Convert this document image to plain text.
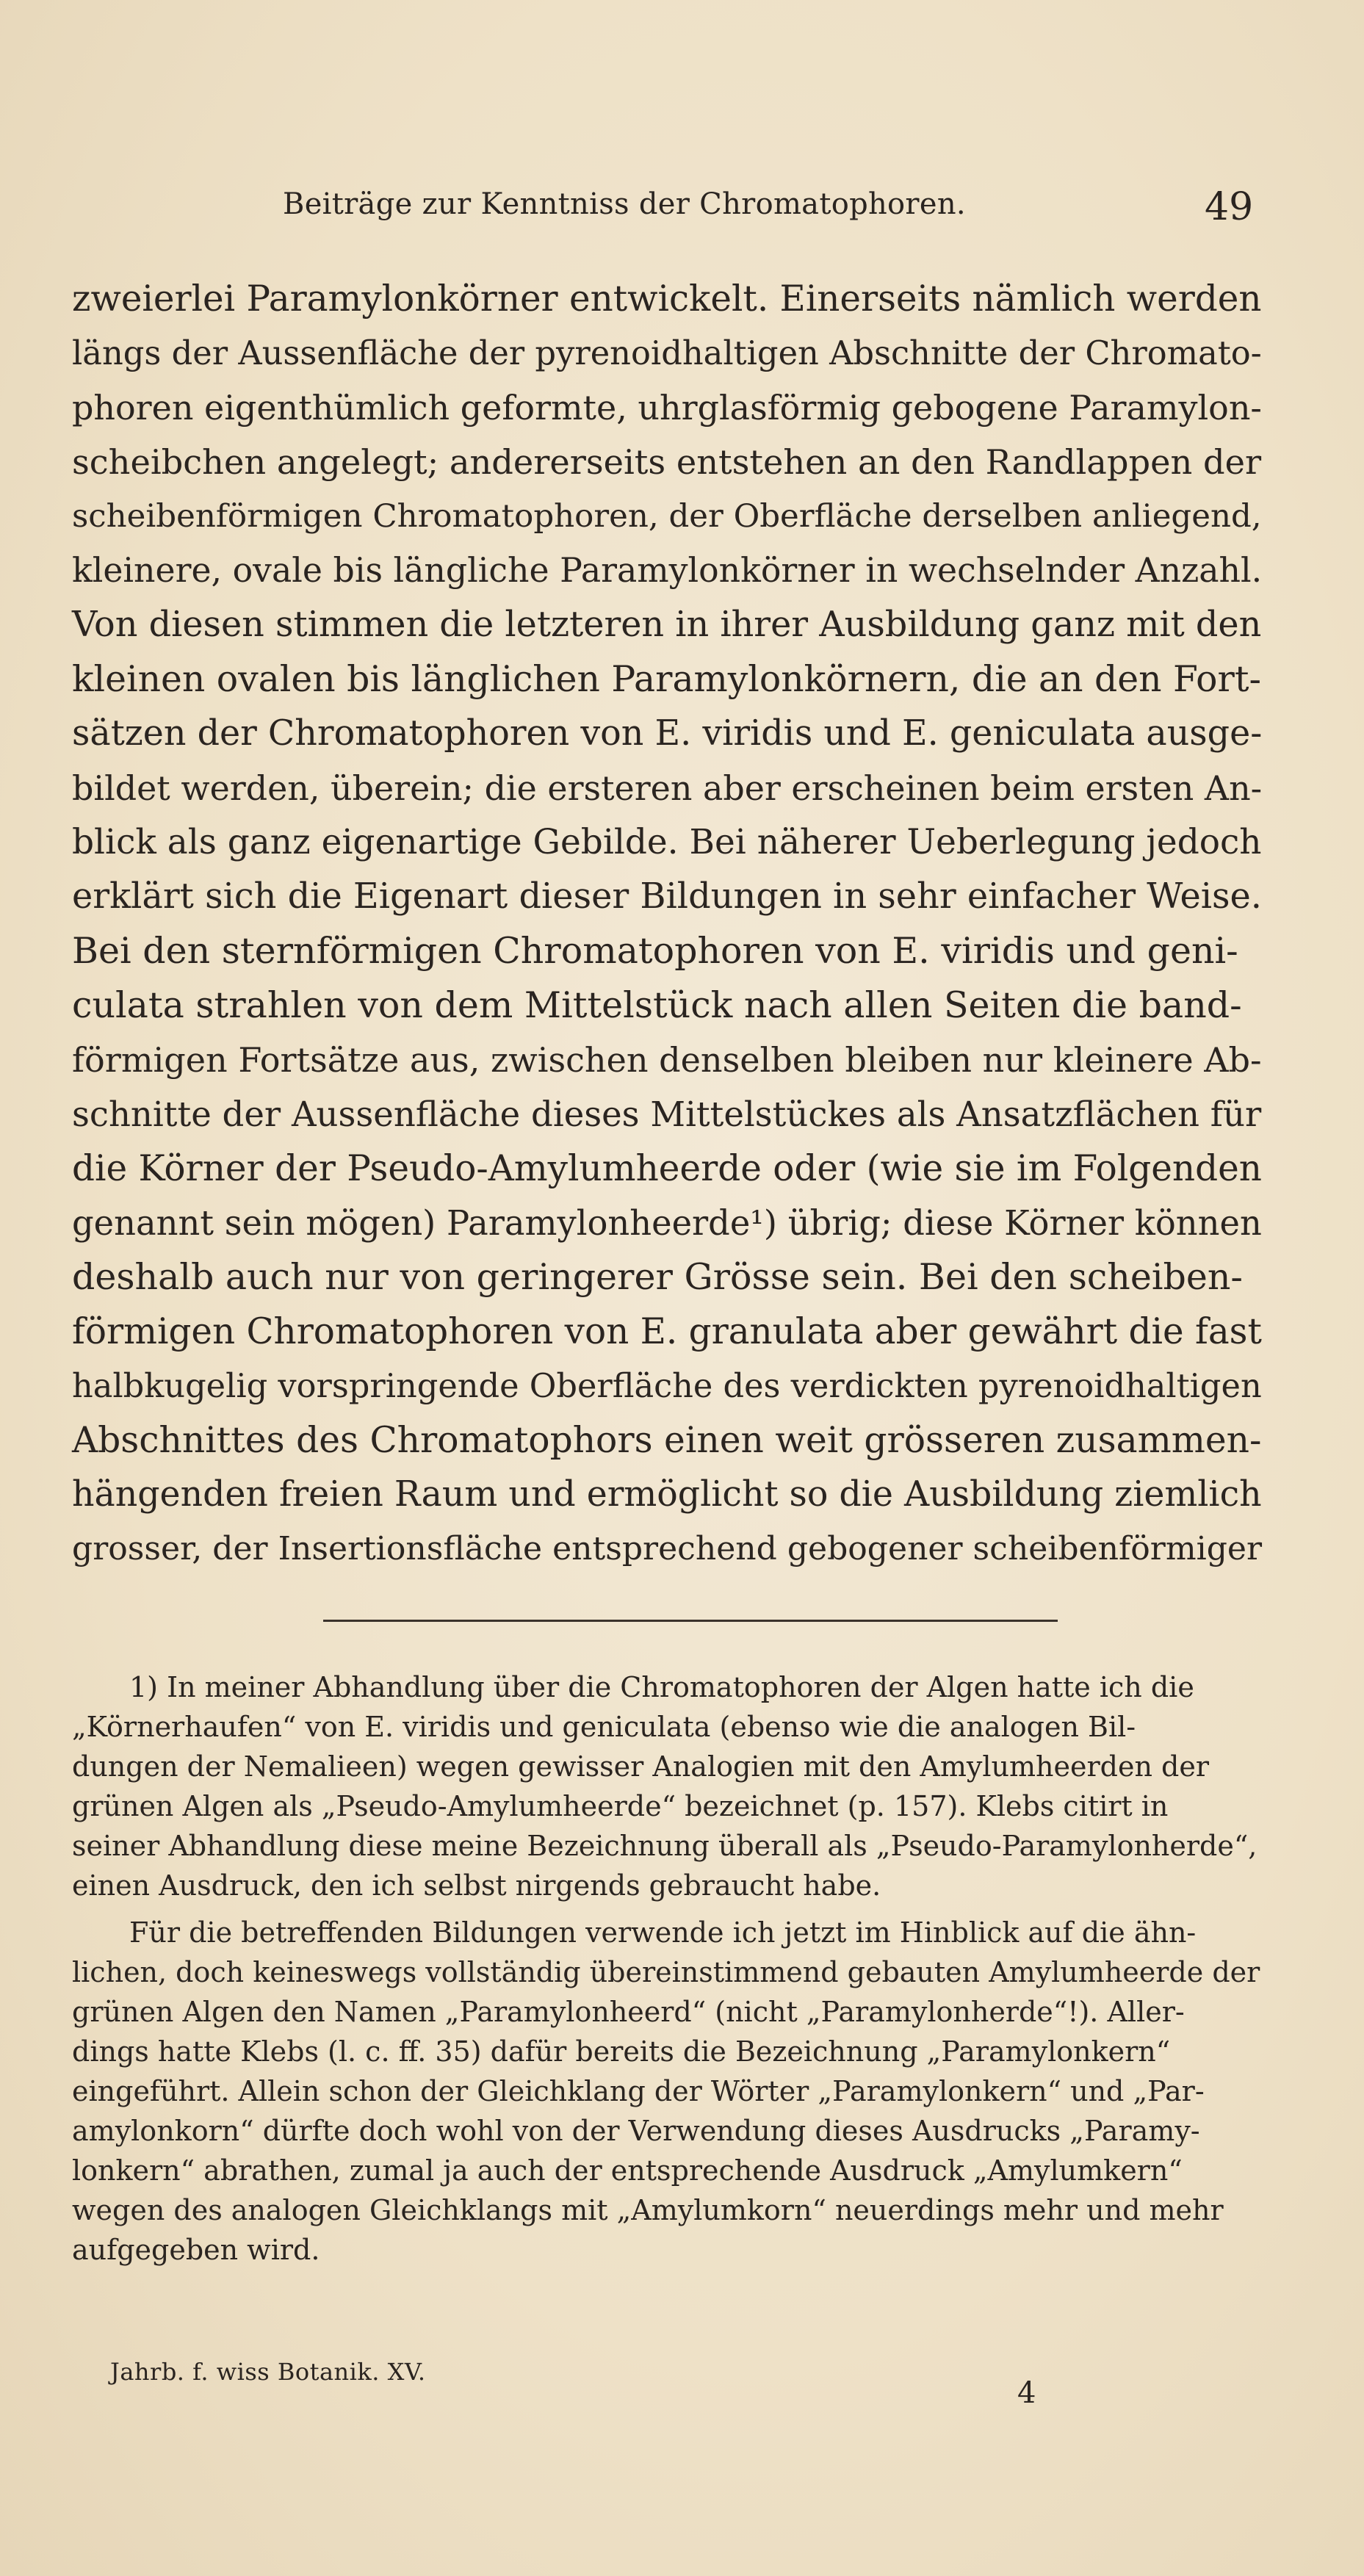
Beiträge zur Kenntniss der Chromatophoren.	49
zweierlei Paramylonkörner entwickelt. Einerseits nämlich werden
längs der Aussenfläche der pyrenoidhaltigen Abschnitte der Chromato-
phoren eigenthümlich geformte, uhrglasförmig gebogene Paramylon-
scheibchen angelegt; andererseits entstehen an den Randlappen der
scheibenförmigen Chromatophoren, der Oberfläche derselben anliegend,
kleinere, ovale bis längliche Paramylonkörner in wechselnder Anzahl.
Von diesen stimmen die letzteren in ihrer Ausbildung ganz mit den
kleinen ovalen bis länglichen Paramylonkörnern, die an den Fort-
sätzen der Chromatophoren von E. viridis und E. geniculata ausge-
bildet werden, überein; die ersteren aber erscheinen beim ersten An-
blick als ganz eigenartige Gebilde. Bei näherer Ueberlegung jedoch
erklärt sich die Eigenart dieser Bildungen in sehr einfacher Weise.
Bei den sternförmigen Chromatophoren von E. viridis und geni-
culata strahlen von dem Mittelstück nach allen Seiten die band-
förmigen Fortsätze aus, zwischen denselben bleiben nur kleinere Ab-
schnitte der Aussenfläche dieses Mittelstückes als Ansatzflächen für
die Körner der Pseudo-Amylumheerde oder (wie sie im Folgenden
genannt sein mögen) Paramylonheerde¹) übrig; diese Körner können
deshalb auch nur von geringerer Grösse sein. Bei den scheiben-
förmigen Chromatophoren von E. granulata aber gewährt die fast
halbkugelig vorspringende Oberfläche des verdickten pyrenoidhaltigen
Abschnittes des Chromatophors einen weit grösseren zusammen-
hängenden freien Raum und ermöglicht so die Ausbildung ziemlich
grosser, der Insertionsfläche entsprechend gebogener scheibenförmiger
1) In meiner Abhandlung über die Chromatophoren der Algen hatte ich die
„Körnerhaufen“ von E. viridis und geniculata (ebenso wie die analogen Bil-
dungen der Nemalieen) wegen gewisser Analogien mit den Amylumheerden der
grünen Algen als „Pseudo-Amylumheerde“ bezeichnet (p. 157). Klebs citirt in
seiner Abhandlung diese meine Bezeichnung überall als „Pseudo-Paramylonherde“,
einen Ausdruck, den ich selbst nirgends gebraucht habe.
Für die betreffenden Bildungen verwende ich jetzt im Hinblick auf die ähn-
lichen, doch keineswegs vollständig übereinstimmend gebauten Amylumheerde der
grünen Algen den Namen „Paramylonheerd“ (nicht „Paramylonherde“!). Aller-
dings hatte Klebs (l. c. ff. 35) dafür bereits die Bezeichnung „Paramylonkern“
eingeführt. Allein schon der Gleichklang der Wörter „Paramylonkern“ und „Par-
amylonkorn“ dürfte doch wohl von der Verwendung dieses Ausdrucks „Paramy-
lonkern“ abrathen, zumal ja auch der entsprechende Ausdruck „Amylumkern“
wegen des analogen Gleichklangs mit „Amylumkorn“ neuerdings mehr und mehr
aufgegeben wird.
Jahrb. f. wiss Botanik. XV.
4
